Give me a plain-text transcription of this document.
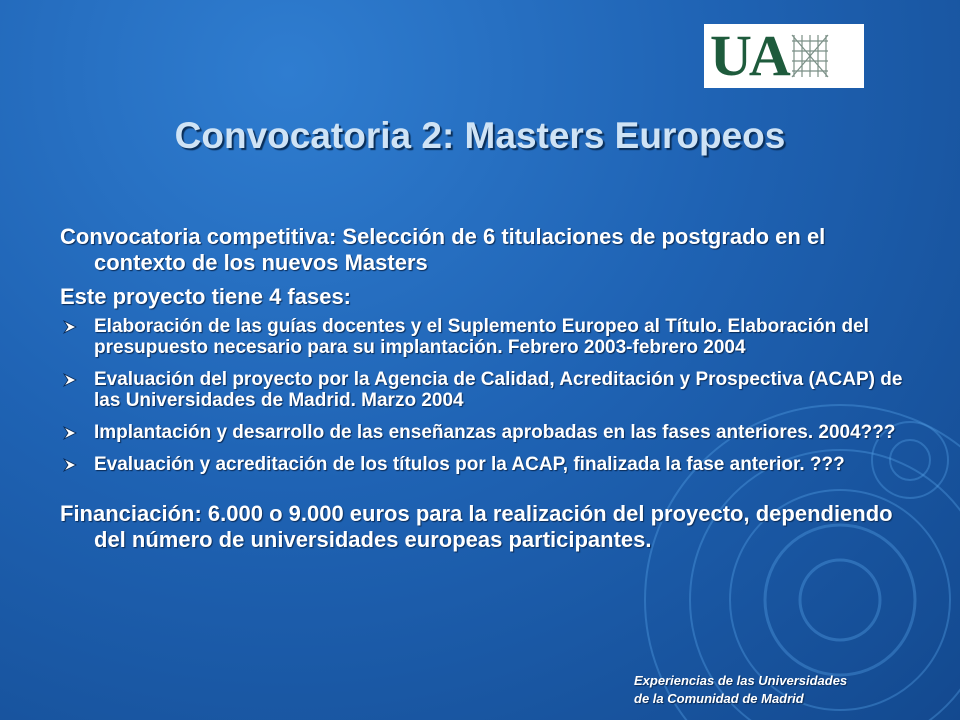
UA
Convocatoria 2: Masters Europeos

Convocatoria competitiva: Selección de 6 titulaciones de postgrado en el contexto de los nuevos Masters

Este proyecto tiene 4 fases:

Elaboración de las guías docentes y el Suplemento Europeo al Título. Elaboración del presupuesto necesario para su implantación. Febrero 2003-febrero 2004
Evaluación del proyecto por la Agencia de Calidad, Acreditación y Prospectiva (ACAP) de las Universidades de Madrid. Marzo 2004
Implantación y desarrollo de las enseñanzas aprobadas en las fases anteriores. 2004???
Evaluación y acreditación de los títulos por la ACAP, finalizada la fase anterior. ???

Financiación: 6.000 o 9.000 euros para la realización del proyecto, dependiendo del número de universidades europeas participantes.

Experiencias de las Universidades
de la Comunidad de Madrid
